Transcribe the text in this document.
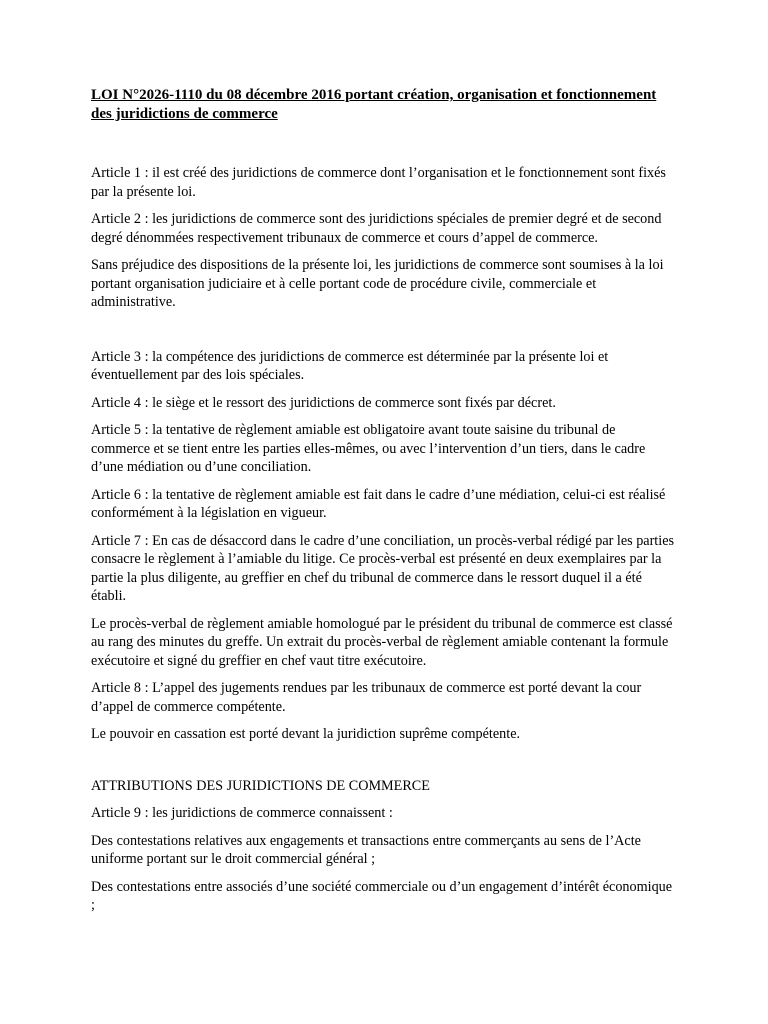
LOI N°2026-1110 du 08 décembre 2016 portant création, organisation et fonctionnement des juridictions de commerce

Article 1 : il est créé des juridictions de commerce dont l’organisation et le fonctionnement sont fixés par la présente loi.

Article 2 : les juridictions de commerce sont des juridictions spéciales de premier degré et de second degré dénommées respectivement tribunaux de commerce et cours d’appel de commerce.

Sans préjudice des dispositions de la présente loi, les juridictions de commerce sont soumises à la loi portant organisation judiciaire et à celle portant code de procédure civile, commerciale et administrative.

Article 3 : la compétence des juridictions de commerce est déterminée par la présente loi et éventuellement par des lois spéciales.

Article 4 : le siège et le ressort des juridictions de commerce sont fixés par décret.

Article 5 : la tentative de règlement amiable est obligatoire avant toute saisine du tribunal de commerce et se tient entre les parties elles-mêmes, ou avec l’intervention d’un tiers, dans le cadre d’une médiation ou d’une conciliation.

Article 6 : la tentative de règlement amiable est fait dans le cadre d’une médiation, celui-ci est réalisé conformément à la législation en vigueur.

Article 7 : En cas de désaccord dans le cadre d’une conciliation, un procès-verbal rédigé par les parties consacre le règlement à l’amiable du litige. Ce procès-verbal est présenté en deux exemplaires par la partie la plus diligente, au greffier en chef du tribunal de commerce dans le ressort duquel il a été établi.

Le procès-verbal de règlement amiable homologué par le président du tribunal de commerce est classé au rang des minutes du greffe. Un extrait du procès-verbal de règlement amiable contenant la formule exécutoire et signé du greffier en chef vaut titre exécutoire.

Article 8 : L’appel des jugements rendues par les tribunaux de commerce est porté devant la cour d’appel de commerce compétente.

Le pouvoir en cassation est porté devant la juridiction suprême compétente.

ATTRIBUTIONS DES JURIDICTIONS DE COMMERCE

Article 9 : les juridictions de commerce connaissent :

Des contestations relatives aux engagements et transactions entre commerçants au sens de l’Acte uniforme portant sur le droit commercial général ;

Des contestations entre associés d’une société commerciale ou d’un engagement d’intérêt économique ;
